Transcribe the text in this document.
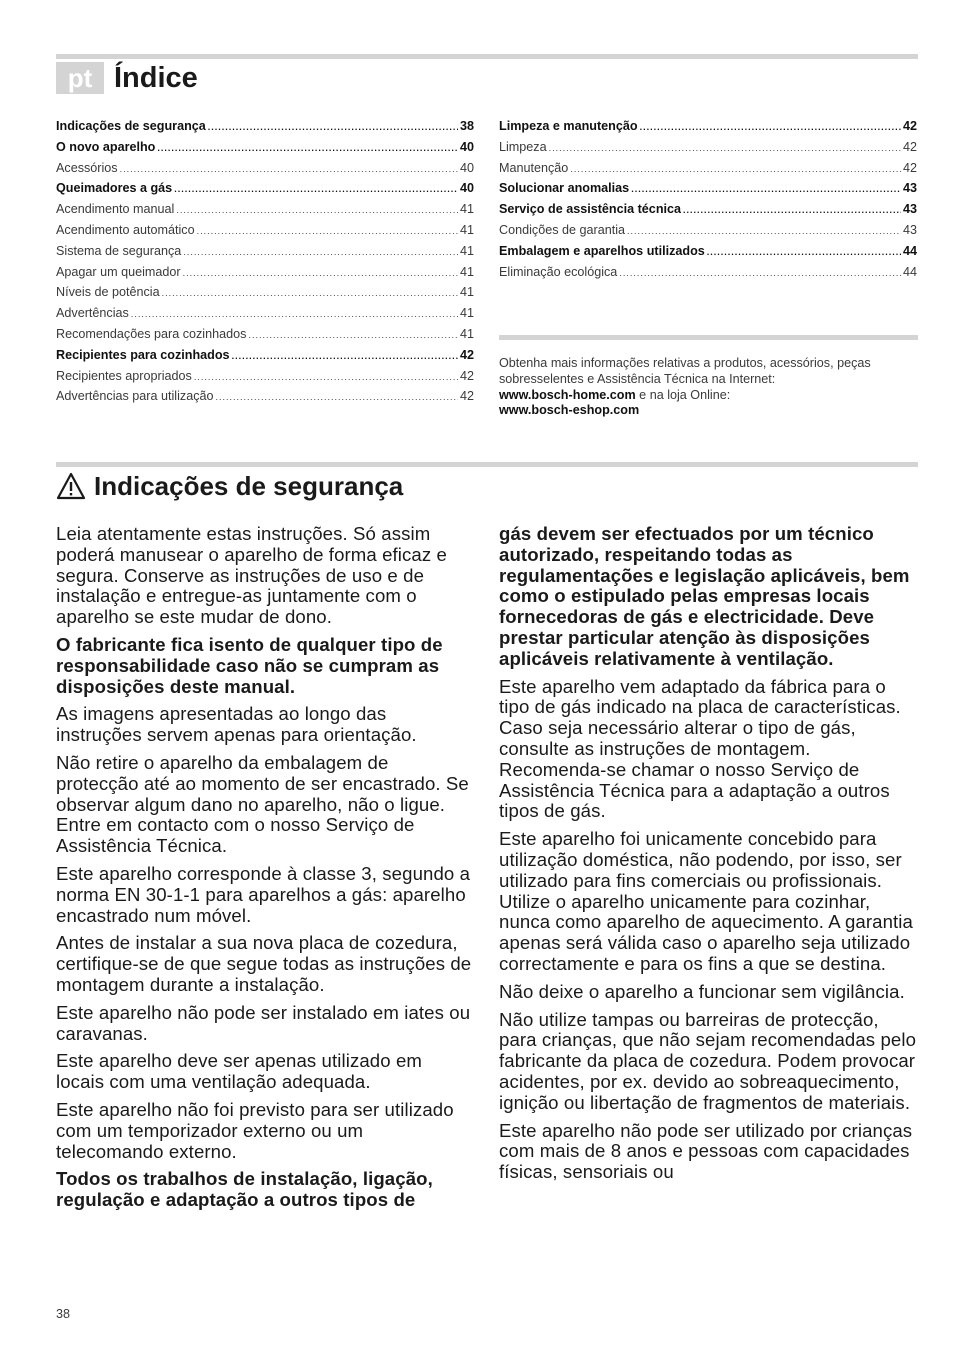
pt Índice
Indicações de segurança .....	38
O novo aparelho .....	40
Acessórios .....	40
Queimadores a gás .....	40
Acendimento manual .....	41
Acendimento automático .....	41
Sistema de segurança .....	41
Apagar um queimador .....	41
Níveis de potência .....	41
Advertências .....	41
Recomendações para cozinhados .....	41
Recipientes para cozinhados .....	42
Recipientes apropriados .....	42
Advertências para utilização .....	42
Limpeza e manutenção .....	42
Limpeza .....	42
Manutenção .....	42
Solucionar anomalias .....	43
Serviço de assistência técnica .....	43
Condições de garantia .....	43
Embalagem e aparelhos utilizados .....	44
Eliminação ecológica .....	44
Obtenha mais informações relativas a produtos, acessórios, peças sobresselentes e Assistência Técnica na Internet:
www.bosch-home.com e na loja Online:
www.bosch-eshop.com
Indicações de segurança

Leia atentamente estas instruções. Só assim poderá manusear o aparelho de forma eficaz e segura. Conserve as instruções de uso e de instalação e entregue-as juntamente com o aparelho se este mudar de dono.

O fabricante fica isento de qualquer tipo de responsabilidade caso não se cumpram as disposições deste manual.

As imagens apresentadas ao longo das instruções servem apenas para orientação.

Não retire o aparelho da embalagem de protecção até ao momento de ser encastrado. Se observar algum dano no aparelho, não o ligue. Entre em contacto com o nosso Serviço de Assistência Técnica.

Este aparelho corresponde à classe 3, segundo a norma EN 30-1-1 para aparelhos a gás: aparelho encastrado num móvel.

Antes de instalar a sua nova placa de cozedura, certifique-se de que segue todas as instruções de montagem durante a instalação.

Este aparelho não pode ser instalado em iates ou caravanas.

Este aparelho deve ser apenas utilizado em locais com uma ventilação adequada.

Este aparelho não foi previsto para ser utilizado com um temporizador externo ou um telecomando externo.

Todos os trabalhos de instalação, ligação, regulação e adaptação a outros tipos de

gás devem ser efectuados por um técnico autorizado, respeitando todas as regulamentações e legislação aplicáveis, bem como o estipulado pelas empresas locais fornecedoras de gás e electricidade. Deve prestar particular atenção às disposições aplicáveis relativamente à ventilação.

Este aparelho vem adaptado da fábrica para o tipo de gás indicado na placa de características. Caso seja necessário alterar o tipo de gás, consulte as instruções de montagem. Recomenda-se chamar o nosso Serviço de Assistência Técnica para a adaptação a outros tipos de gás.

Este aparelho foi unicamente concebido para utilização doméstica, não podendo, por isso, ser utilizado para fins comerciais ou profissionais. Utilize o aparelho unicamente para cozinhar, nunca como aparelho de aquecimento. A garantia apenas será válida caso o aparelho seja utilizado correctamente e para os fins a que se destina.

Não deixe o aparelho a funcionar sem vigilância.

Não utilize tampas ou barreiras de protecção, para crianças, que não sejam recomendadas pelo fabricante da placa de cozedura. Podem provocar acidentes, por ex. devido ao sobreaquecimento, ignição ou libertação de fragmentos de materiais.

Este aparelho não pode ser utilizado por crianças com mais de 8 anos e pessoas com capacidades físicas, sensoriais ou

38
